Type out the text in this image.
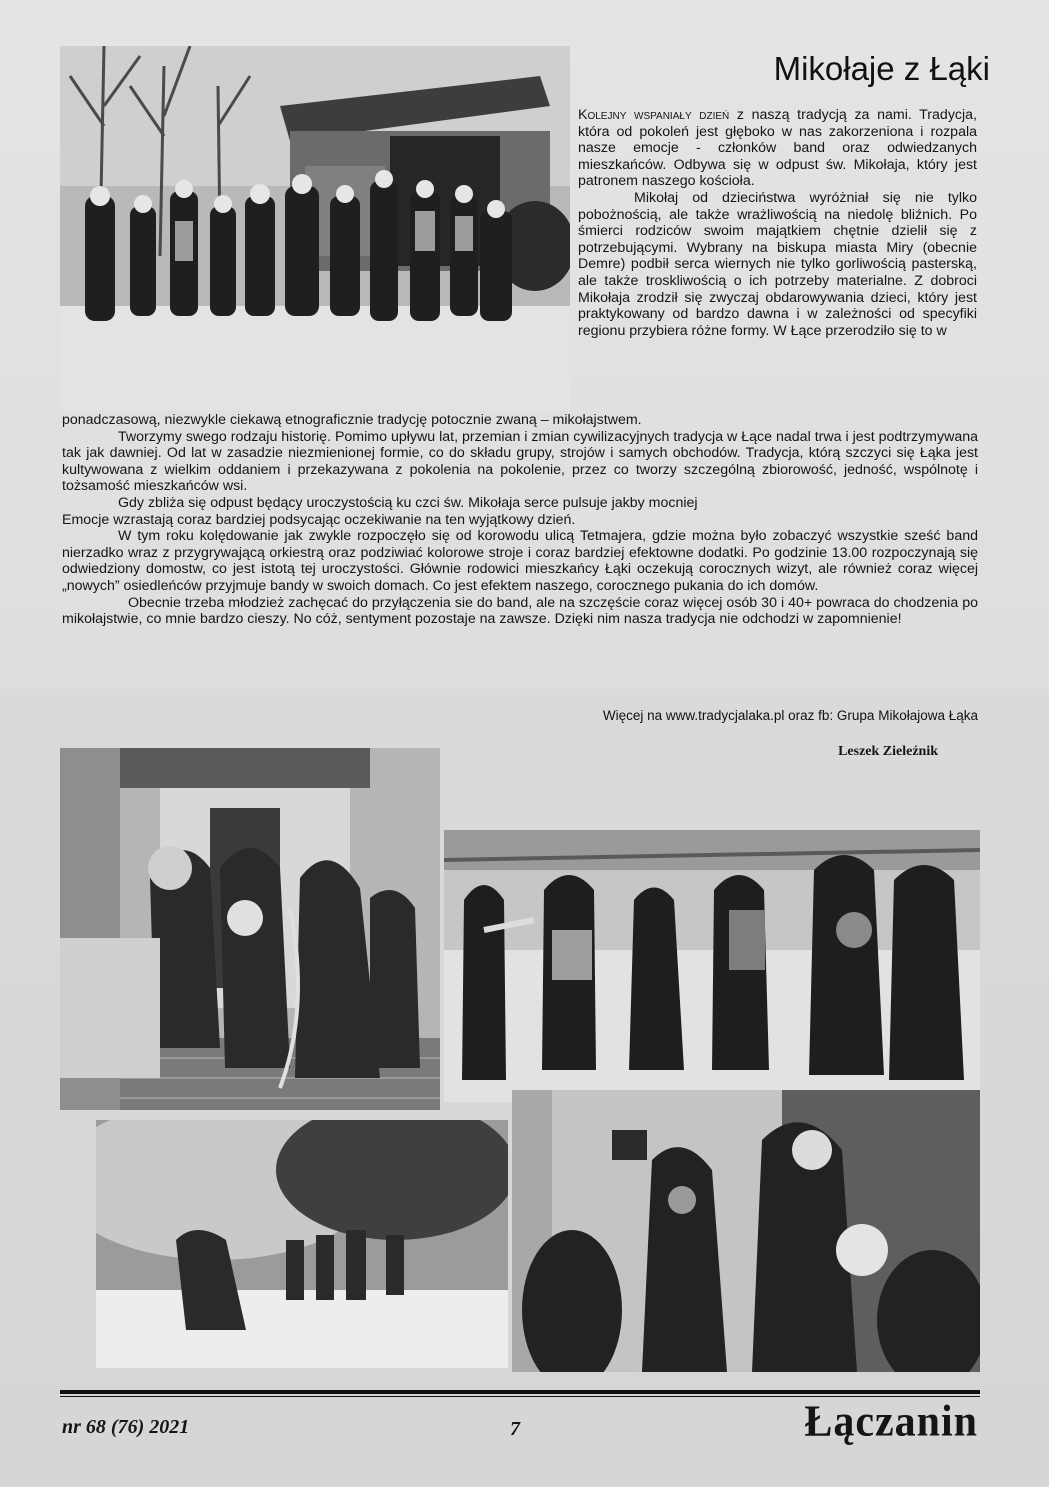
Mikołaje z Łąki

Kolejny wspaniały dzień z naszą tradycją za nami. Tradycja, która od pokoleń jest głęboko w nas zakorzeniona i rozpala nasze emocje - członków band oraz odwiedzanych mieszkańców. Odbywa się w odpust św. Mikołaja, który jest patronem naszego kościoła.

Mikołaj od dzieciństwa wyróżniał się nie tylko pobożnością, ale także wrażliwością na niedolę bliźnich. Po śmierci rodziców swoim majątkiem chętnie dzielił się z potrzebującymi. Wybrany na biskupa miasta Miry (obecnie Demre) podbił serca wiernych nie tylko gorliwością pasterską, ale także troskliwością o ich potrzeby materialne. Z dobroci Mikołaja zrodził się zwyczaj obdarowywania dzieci, który jest praktykowany od bardzo dawna i w zależności od specyfiki regionu przybiera różne formy. W Łące przerodziło się to w

ponadczasową, niezwykle ciekawą etnograficznie tradycję potocznie zwaną – mikołajstwem.

Tworzymy swego rodzaju historię. Pomimo upływu lat, przemian i zmian cywilizacyjnych tradycja w Łące nadal trwa i jest podtrzymywana tak jak dawniej. Od lat w zasadzie niezmienionej formie, co do składu grupy, strojów i samych obchodów. Tradycja, którą szczyci się Łąka jest kultywowana z wielkim oddaniem i przekazywana z pokolenia na pokolenie, przez co tworzy szczególną zbiorowość, jedność, wspólnotę i tożsamość mieszkańców wsi.

Gdy zbliża się odpust będący uroczystością ku czci św. Mikołaja serce pulsuje jakby mocniej

Emocje wzrastają coraz bardziej podsycając oczekiwanie na ten wyjątkowy dzień.

W tym roku kolędowanie jak zwykle rozpoczęło się od korowodu ulicą Tetmajera, gdzie można było zobaczyć wszystkie sześć band nierzadko wraz z przygrywającą orkiestrą oraz podziwiać kolorowe stroje i coraz bardziej efektowne dodatki. Po godzinie 13.00 rozpoczynają się odwiedziony domostw, co jest istotą tej uroczystości. Głównie rodowici mieszkańcy Łąki oczekują corocznych wizyt, ale również coraz więcej „nowych” osiedleńców przyjmuje bandy w swoich domach. Co jest efektem naszego, corocznego pukania do ich domów.

Obecnie trzeba młodzież zachęcać do przyłączenia sie do band, ale na szczęście coraz więcej osób 30 i 40+ powraca do chodzenia po mikołajstwie, co mnie bardzo cieszy. No cóż, sentyment pozostaje na zawsze. Dzięki nim nasza tradycja nie odchodzi w zapomnienie!

Więcej na www.tradycjalaka.pl oraz fb: Grupa Mikołajowa Łąka
Leszek Zieleźnik
nr 68 (76) 2021	7	Łączanin
